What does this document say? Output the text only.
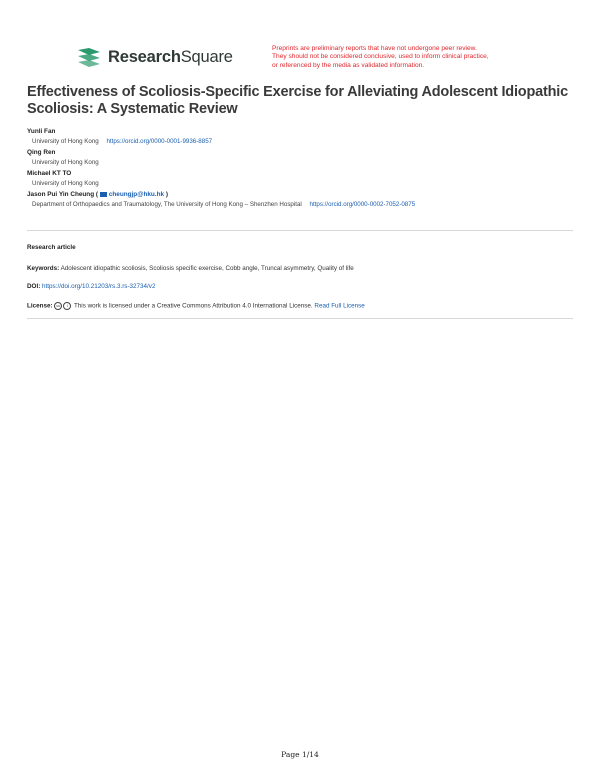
ResearchSquare	Preprints are preliminary reports that have not undergone peer review.
They should not be considered conclusive, used to inform clinical practice,
or referenced by the media as validated information.
Effectiveness of Scoliosis-Specific Exercise for Alleviating Adolescent Idiopathic Scoliosis: A Systematic Review
Yunli Fan
University of Hong Kong https://orcid.org/0000-0001-9936-8857
Qing Ren
University of Hong Kong
Michael KT TO
University of Hong Kong
Jason Pui Yin Cheung ( cheungjp@hku.hk )
Department of Orthopaedics and Traumatology, The University of Hong Kong – Shenzhen Hospital https://orcid.org/0000-0002-7052-0875
Research article
Keywords: Adolescent idiopathic scoliosis, Scoliosis specific exercise, Cobb angle, Truncal asymmetry, Quality of life
DOI: https://doi.org/10.21203/rs.3.rs-32734/v2
License: cc i This work is licensed under a Creative Commons Attribution 4.0 International License. Read Full License
Page 1/14
